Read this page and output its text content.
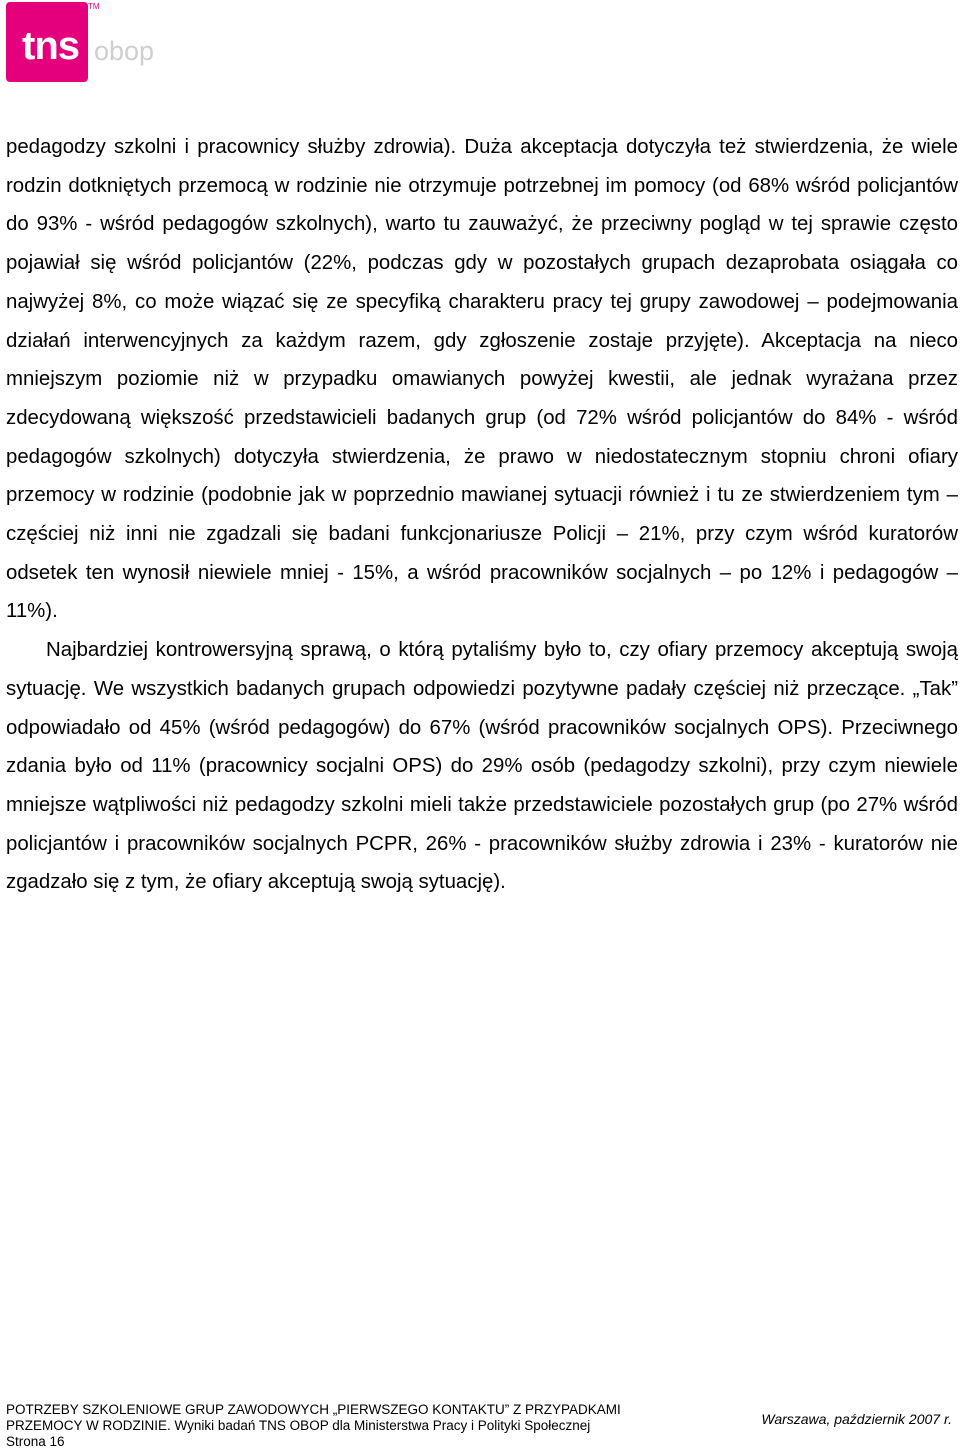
tns
TM
obop

pedagodzy szkolni i pracownicy służby zdrowia). Duża akceptacja dotyczyła też stwierdzenia, że wiele rodzin dotkniętych przemocą w rodzinie nie otrzymuje potrzebnej im pomocy (od 68% wśród policjantów do 93% - wśród pedagogów szkolnych), warto tu zauważyć, że przeciwny pogląd w tej sprawie często pojawiał się wśród policjantów (22%, podczas gdy w pozostałych grupach dezaprobata osiągała co najwyżej 8%, co może wiązać się ze specyfiką charakteru pracy tej grupy zawodowej – podejmowania działań interwencyjnych za każdym razem, gdy zgłoszenie zostaje przyjęte). Akceptacja na nieco mniejszym poziomie niż w przypadku omawianych powyżej kwestii, ale jednak wyrażana przez zdecydowaną większość przedstawicieli badanych grup (od 72% wśród policjantów do 84% - wśród pedagogów szkolnych) dotyczyła stwierdzenia, że prawo w niedostatecznym stopniu chroni ofiary przemocy w rodzinie (podobnie jak w poprzednio mawianej sytuacji również i tu ze stwierdzeniem tym – częściej niż inni nie zgadzali się badani funkcjonariusze Policji – 21%, przy czym wśród kuratorów odsetek ten wynosił niewiele mniej - 15%, a wśród pracowników socjalnych – po 12% i pedagogów – 11%).

Najbardziej kontrowersyjną sprawą, o którą pytaliśmy było to, czy ofiary przemocy akceptują swoją sytuację. We wszystkich badanych grupach odpowiedzi pozytywne padały częściej niż przeczące. „Tak” odpowiadało od 45% (wśród pedagogów) do 67% (wśród pracowników socjalnych OPS). Przeciwnego zdania było od 11% (pracownicy socjalni OPS) do 29% osób (pedagodzy szkolni), przy czym niewiele mniejsze wątpliwości niż pedagodzy szkolni mieli także przedstawiciele pozostałych grup (po 27% wśród policjantów i pracowników socjalnych PCPR, 26% - pracowników służby zdrowia i 23% - kuratorów nie zgadzało się z tym, że ofiary akceptują swoją sytuację).

POTRZEBY SZKOLENIOWE GRUP ZAWODOWYCH „PIERWSZEGO KONTAKTU” Z PRZYPADKAMI
PRZEMOCY W RODZINIE. Wyniki badań TNS OBOP dla Ministerstwa Pracy i Polityki Społecznej
Strona 16
Warszawa, październik 2007 r.
